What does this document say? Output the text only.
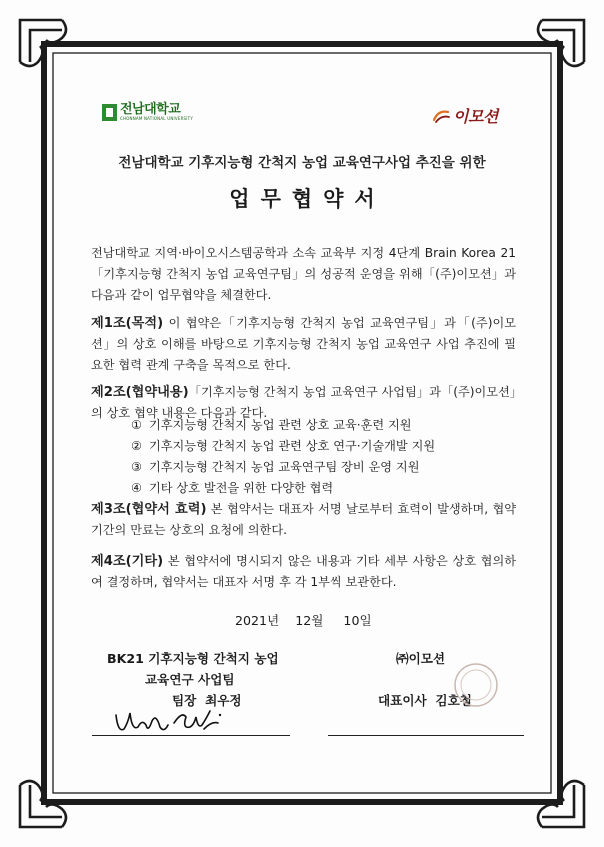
전남대학교
CHONNAM NATIONAL UNIVERSITY	이모션
전남대학교 기후지능형 간척지 농업 교육연구사업 추진을 위한
업무협약서
전남대학교 지역·바이오시스템공학과 소속 교육부 지정 4단계 Brain Korea 21「기후지능형 간척지 농업 교육연구팀」의 성공적 운영을 위해「(주)이모션」과 다음과 같이 업무협약을 체결한다.
제1조(목적) 이 협약은「기후지능형 간척지 농업 교육연구팀」과「(주)이모션」의 상호 이해를 바탕으로 기후지능형 간척지 농업 교육연구 사업 추진에 필요한 협력 관계 구축을 목적으로 한다.
제2조(협약내용)「기후지능형 간척지 농업 교육연구 사업팀」과「(주)이모션」의 상호 협약 내용은 다음과 같다.
① 기후지능형 간척지 농업 관련 상호 교육·훈련 지원
② 기후지능형 간척지 농업 관련 상호 연구·기술개발 지원
③ 기후지능형 간척지 농업 교육연구팀 장비 운영 지원
④ 기타 상호 발전을 위한 다양한 협력
제3조(협약서 효력) 본 협약서는 대표자 서명 날로부터 효력이 발생하며, 협약 기간의 만료는 상호의 요청에 의한다.
제4조(기타) 본 협약서에 명시되지 않은 내용과 기타 세부 사항은 상호 협의하여 결정하며, 협약서는 대표자 서명 후 각 1부씩 보관한다.
2021년    12월     10일
BK21 기후지능형 간척지 농업
교육연구 사업팀
팀장  최우정
㈜이모션
대표이사  김호철
